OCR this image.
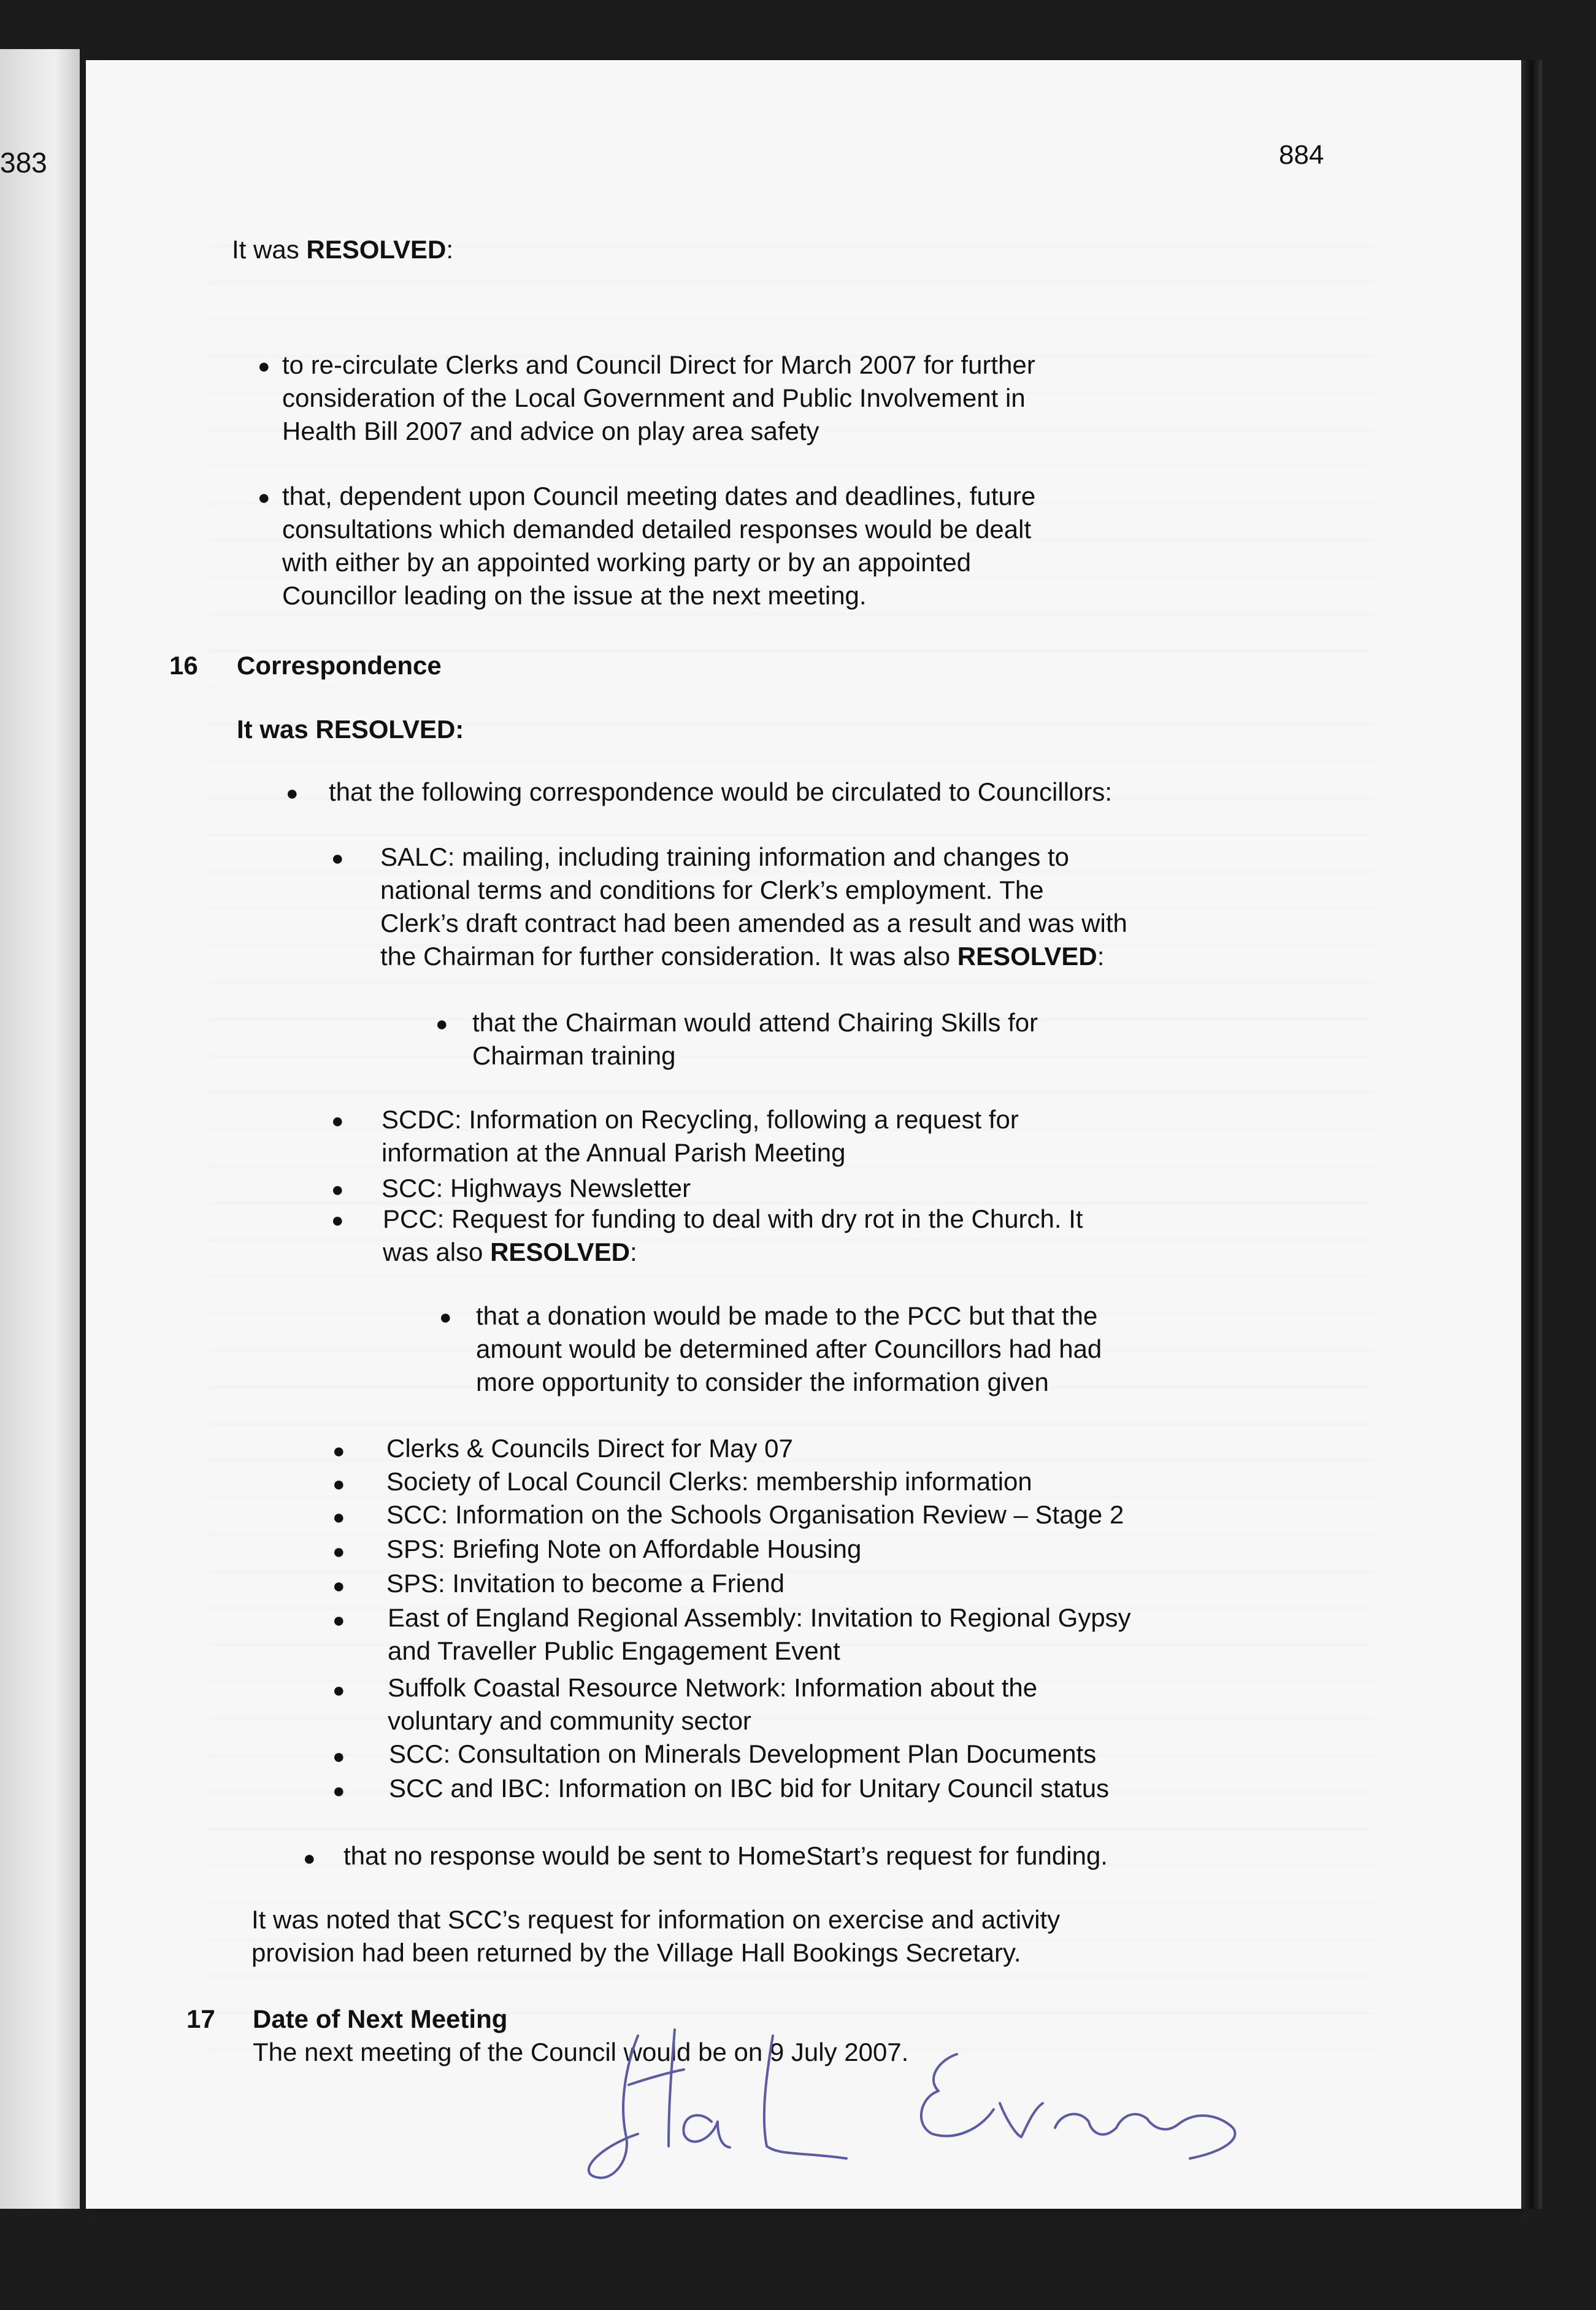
383	884
It was RESOLVED:
● to re-circulate Clerks and Council Direct for March 2007 for further
consideration of the Local Government and Public Involvement in
Health Bill 2007 and advice on play area safety
● that, dependent upon Council meeting dates and deadlines, future
consultations which demanded detailed responses would be dealt
with either by an appointed working party or by an appointed
Councillor leading on the issue at the next meeting.
16 Correspondence
It was RESOLVED:
● that the following correspondence would be circulated to Councillors:
● SALC: mailing, including training information and changes to
national terms and conditions for Clerk’s employment. The
Clerk’s draft contract had been amended as a result and was with
the Chairman for further consideration. It was also RESOLVED:
● that the Chairman would attend Chairing Skills for
Chairman training
● SCDC: Information on Recycling, following a request for
information at the Annual Parish Meeting
● SCC: Highways Newsletter
● PCC: Request for funding to deal with dry rot in the Church. It
was also RESOLVED:
● that a donation would be made to the PCC but that the
amount would be determined after Councillors had had
more opportunity to consider the information given
● Clerks & Councils Direct for May 07
● Society of Local Council Clerks: membership information
● SCC: Information on the Schools Organisation Review – Stage 2
● SPS: Briefing Note on Affordable Housing
● SPS: Invitation to become a Friend
● East of England Regional Assembly: Invitation to Regional Gypsy
and Traveller Public Engagement Event
● Suffolk Coastal Resource Network: Information about the
voluntary and community sector
● SCC: Consultation on Minerals Development Plan Documents
● SCC and IBC: Information on IBC bid for Unitary Council status
● that no response would be sent to HomeStart’s request for funding.
It was noted that SCC’s request for information on exercise and activity
provision had been returned by the Village Hall Bookings Secretary.
17 Date of Next Meeting
The next meeting of the Council would be on 9 July 2007.
